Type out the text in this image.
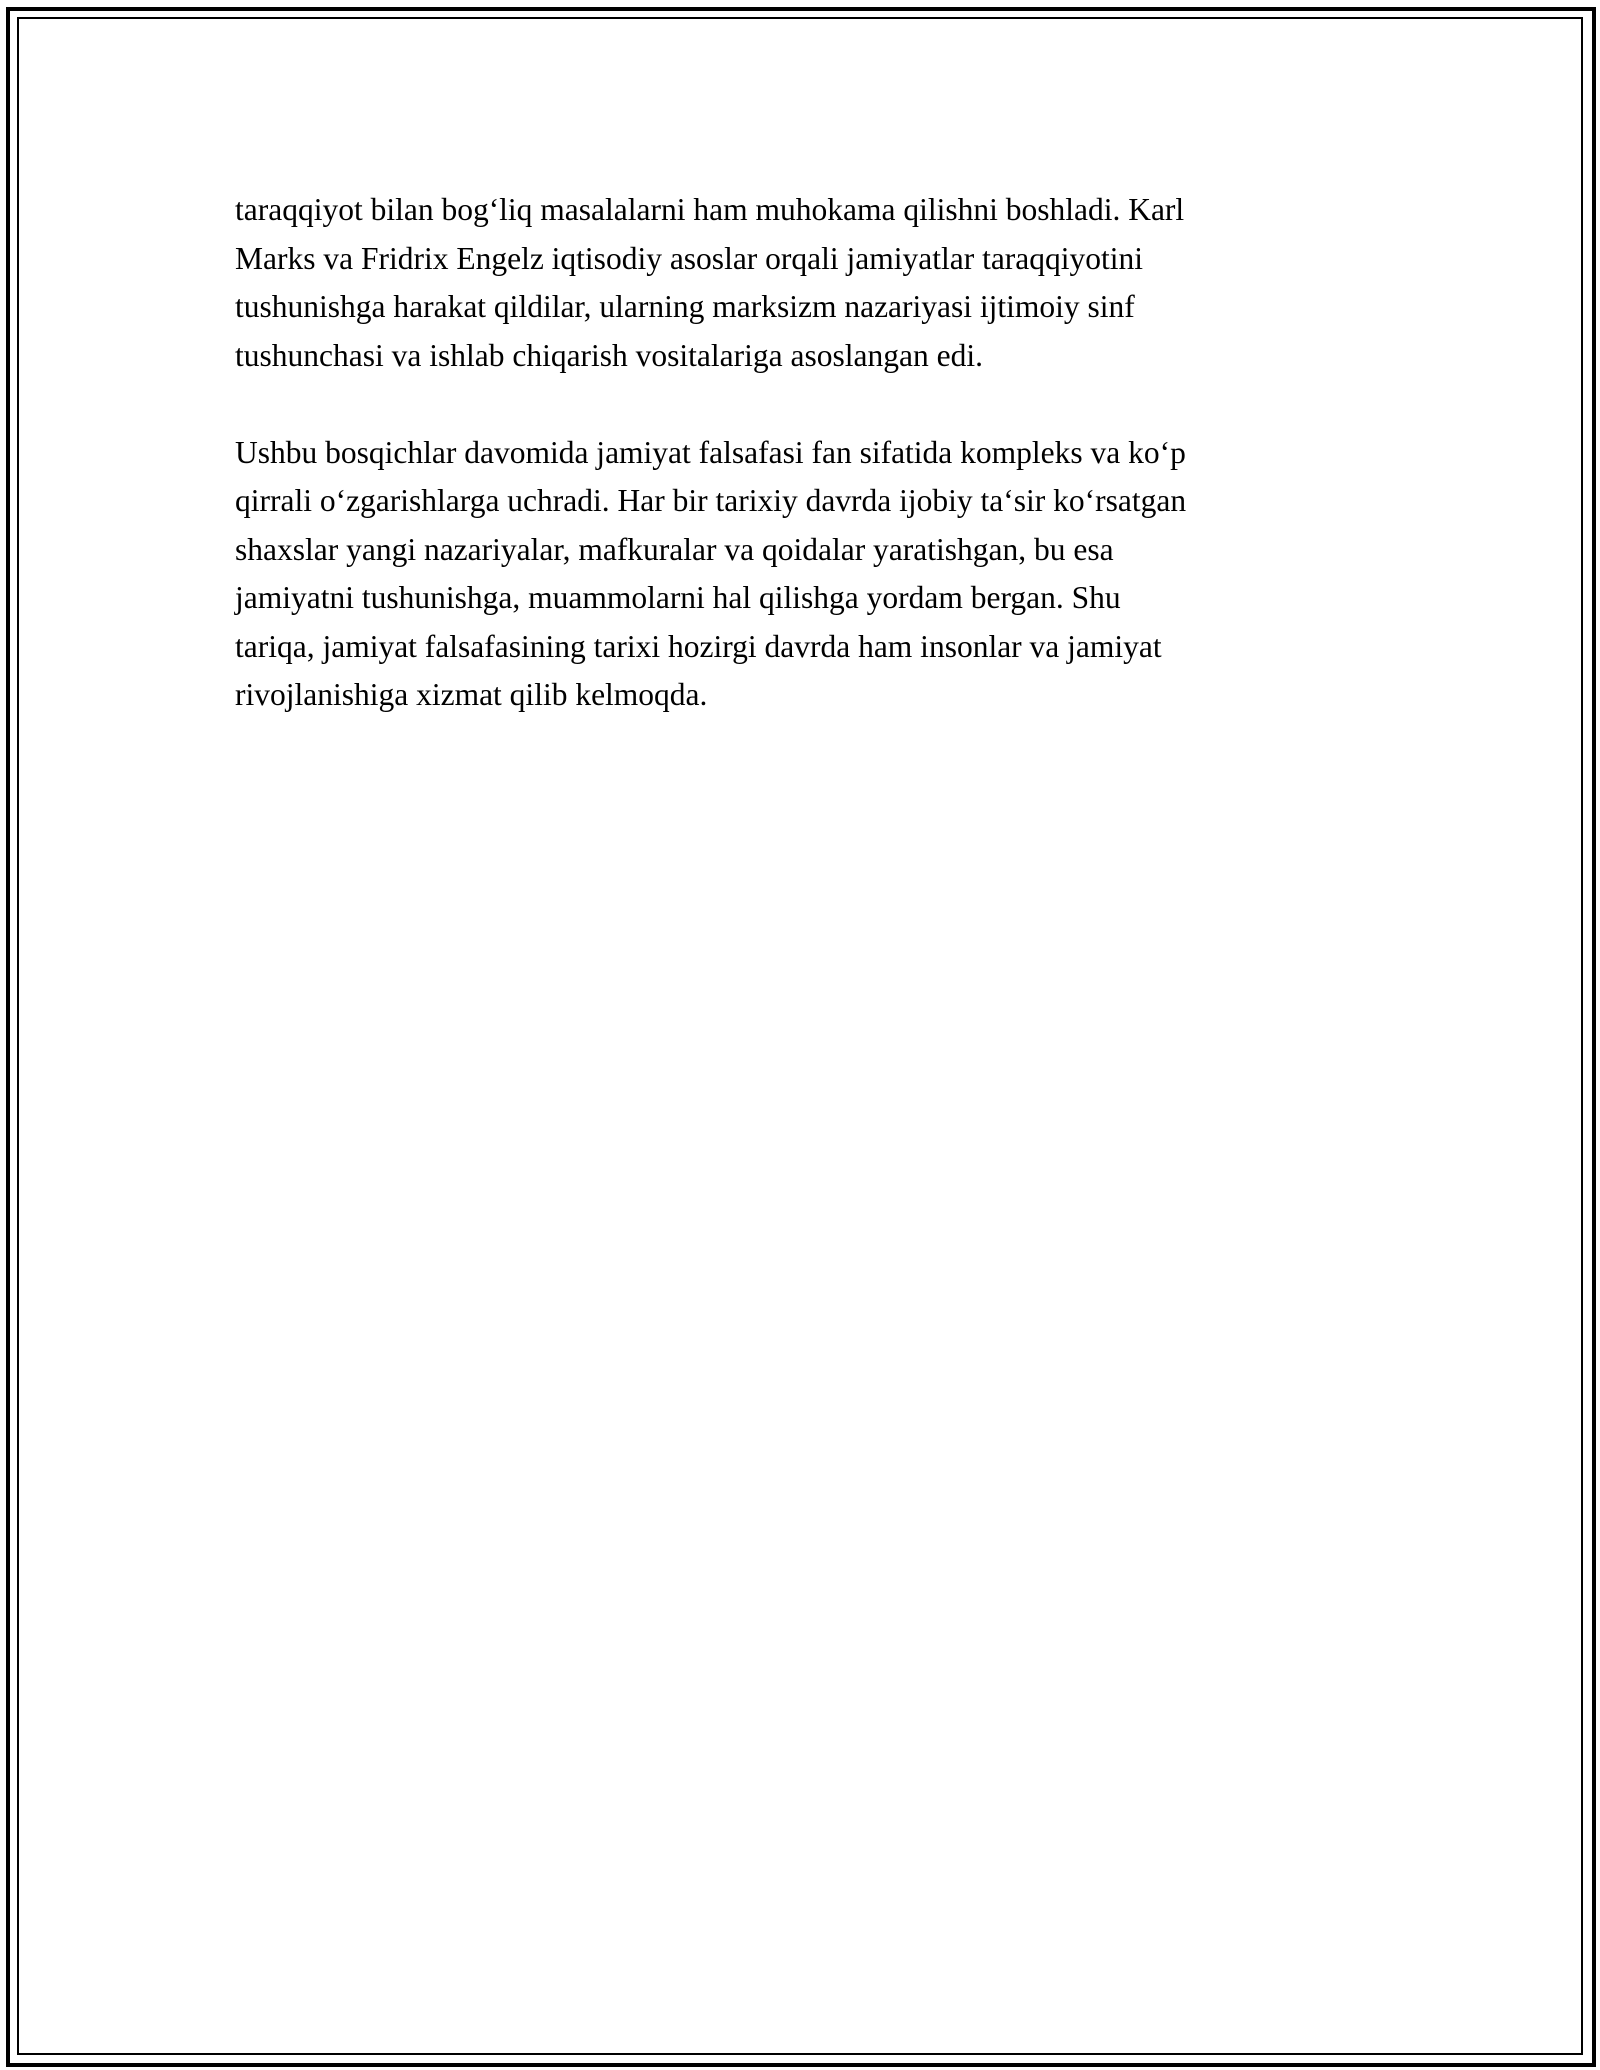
taraqqiyot bilan bog‘liq masalalarni ham muhokama qilishni boshladi. Karl
Marks va Fridrix Engelz iqtisodiy asoslar orqali jamiyatlar taraqqiyotini
tushunishga harakat qildilar, ularning marksizm nazariyasi ijtimoiy sinf
tushunchasi va ishlab chiqarish vositalariga asoslangan edi.

Ushbu bosqichlar davomida jamiyat falsafasi fan sifatida kompleks va ko‘p
qirrali o‘zgarishlarga uchradi. Har bir tarixiy davrda ijobiy ta‘sir ko‘rsatgan
shaxslar yangi nazariyalar, mafkuralar va qoidalar yaratishgan, bu esa
jamiyatni tushunishga, muammolarni hal qilishga yordam bergan. Shu
tariqa, jamiyat falsafasining tarixi hozirgi davrda ham insonlar va jamiyat
rivojlanishiga xizmat qilib kelmoqda.
